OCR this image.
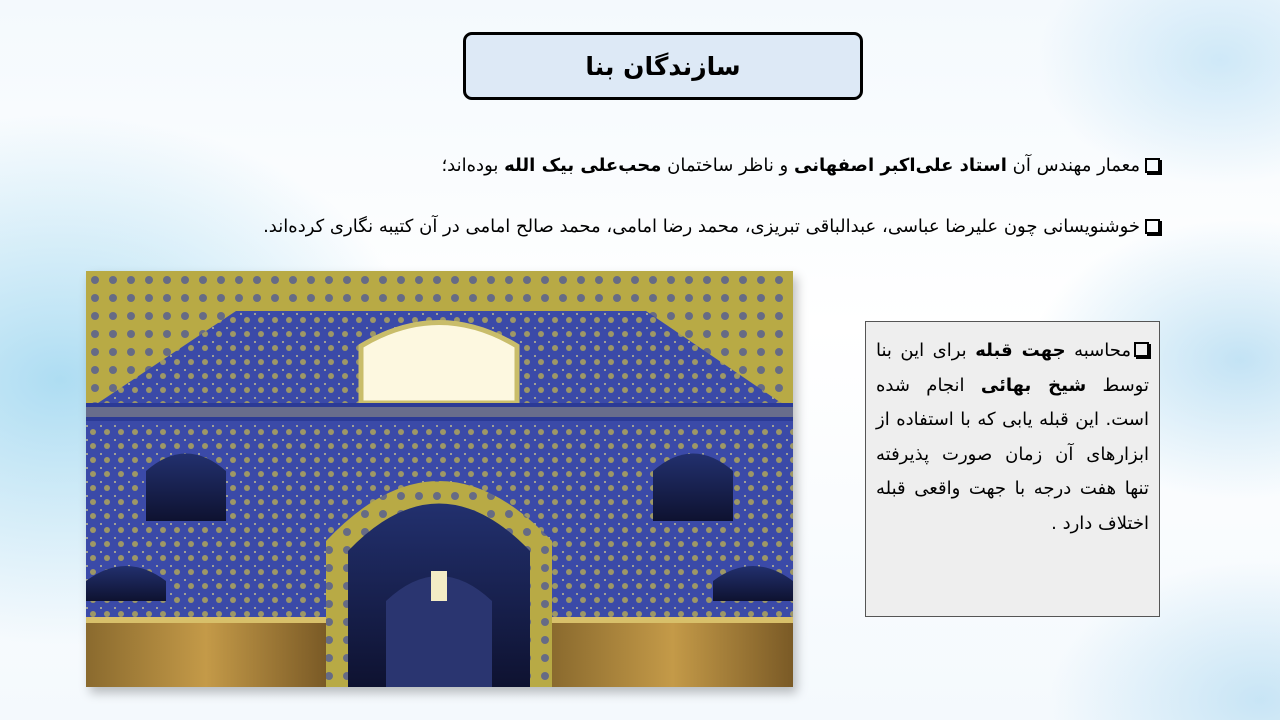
سازندگان بنا
معمار مهندس آن استاد علی‌اکبر اصفهانی و ناظر ساختمان محب‌علی بیک الله بوده‌اند؛
خوشنویسانی چون علیرضا عباسی، عبدالباقی تبریزی، محمد رضا امامی، محمد صالح امامی در آن کتیبه نگاری کرده‌اند.
محاسبه جهت قبله برای این بنا توسط شیخ بهائی انجام شده است. این قبله یابی که با استفاده از ابزارهای آن زمان صورت پذیرفته تنها هفت درجه با جهت واقعی قبله اختلاف دارد .
